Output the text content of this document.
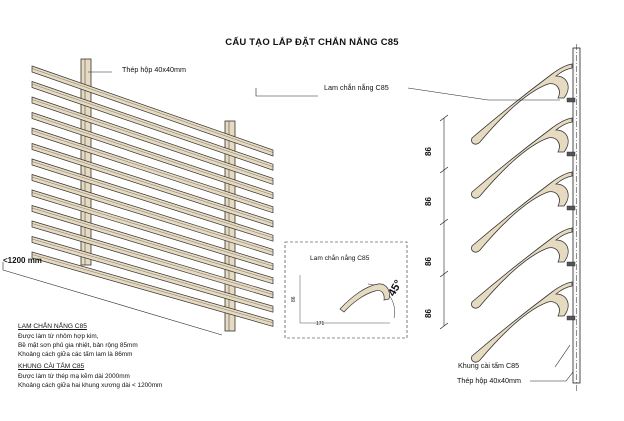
CẤU TẠO LẮP ĐẶT CHẮN NẮNG C85
Thép hộp 40x40mm
<1200 mm
Lam chắn nắng C85
86
86
86
86
Khung cài tấm C85
Thép hộp 40x40mm
Lam chắn nắng C85
45°
86
171
LAM CHẮN NẮNG C85
Được làm từ nhôm hợp kim,
Bề mặt sơn phủ gia nhiệt, bản rộng 85mm
Khoảng cách giữa các tấm lam là 86mm
KHUNG CÀI TẤM C85
Được làm từ thép mạ kẽm dài 2000mm
Khoảng cách giữa hai khung xương dài < 1200mm
